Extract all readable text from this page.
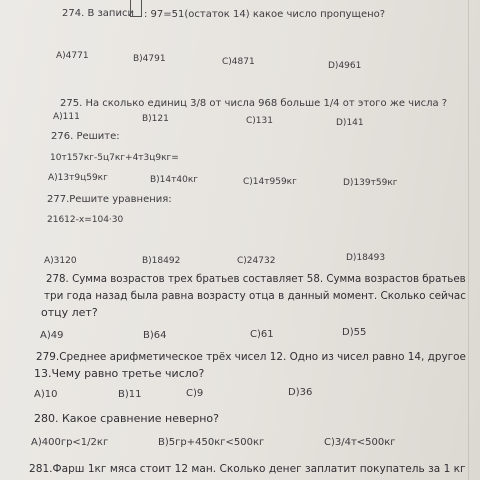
274. В записи : 97=51(остаток 14) какое число пропущено?
A)4771	B)4791	C)4871	D)4961
275. На сколько единиц 3/8 от числа 968 больше 1/4 от этого же числа ?
A)111	B)121	C)131	D)141
276. Решите:
10т157кг-5ц7кг+4т3ц9кг=
A)13т9ц59кг	B)14т40кг	C)14т959кг	D)139т59кг
277.Решите уравнения:
21612-x=104·30
A)3120	B)18492	C)24732	D)18493
278. Сумма возрастов трех братьев составляет 58. Сумма возрастов братьев
три года назад была равна возрасту отца в данный момент. Сколько сейчас
отцу лет?
A)49	B)64	C)61	D)55
279.Среднее арифметическое трёх чисел 12. Одно из чисел равно 14, другое
13.Чему равно третье число?
A)10	B)11	C)9	D)36
280. Какое сравнение неверно?
A)400гр<1/2кг	B)5гр+450кг<500кг	C)3/4т<500кг
281.Фарш 1кг мяса стоит 12 ман. Сколько денег заплатит покупатель за 1 кг
